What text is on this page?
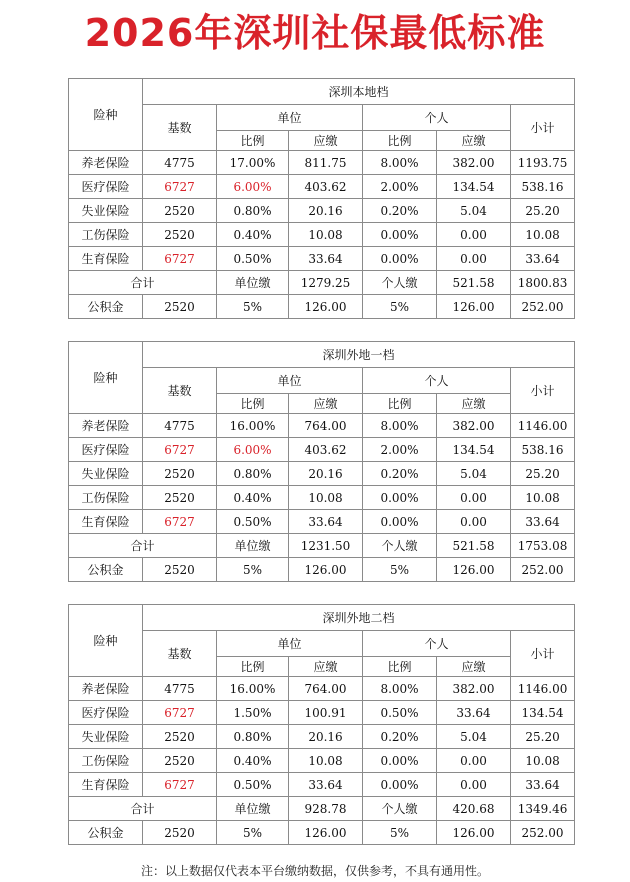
2026年深圳社保最低标准
险种	深圳本地档					
	基数	单位		个人		小计
		比例	应缴	比例	应缴	
养老保险	4775	17.00%	811.75	8.00%	382.00	1193.75
医疗保险	6727	6.00%	403.62	2.00%	134.54	538.16
失业保险	2520	0.80%	20.16	0.20%	5.04	25.20
工伤保险	2520	0.40%	10.08	0.00%	0.00	10.08
生育保险	6727	0.50%	33.64	0.00%	0.00	33.64
合计		单位缴	1279.25	个人缴	521.58	1800.83
公积金	2520	5%	126.00	5%	126.00	252.00
险种	深圳外地一档					
	基数	单位		个人		小计
		比例	应缴	比例	应缴	
养老保险	4775	16.00%	764.00	8.00%	382.00	1146.00
医疗保险	6727	6.00%	403.62	2.00%	134.54	538.16
失业保险	2520	0.80%	20.16	0.20%	5.04	25.20
工伤保险	2520	0.40%	10.08	0.00%	0.00	10.08
生育保险	6727	0.50%	33.64	0.00%	0.00	33.64
合计		单位缴	1231.50	个人缴	521.58	1753.08
公积金	2520	5%	126.00	5%	126.00	252.00
险种	深圳外地二档					
	基数	单位		个人		小计
		比例	应缴	比例	应缴	
养老保险	4775	16.00%	764.00	8.00%	382.00	1146.00
医疗保险	6727	1.50%	100.91	0.50%	33.64	134.54
失业保险	2520	0.80%	20.16	0.20%	5.04	25.20
工伤保险	2520	0.40%	10.08	0.00%	0.00	10.08
生育保险	6727	0.50%	33.64	0.00%	0.00	33.64
合计		单位缴	928.78	个人缴	420.68	1349.46
公积金	2520	5%	126.00	5%	126.00	252.00
注：以上数据仅代表本平台缴纳数据，仅供参考，不具有通用性。
